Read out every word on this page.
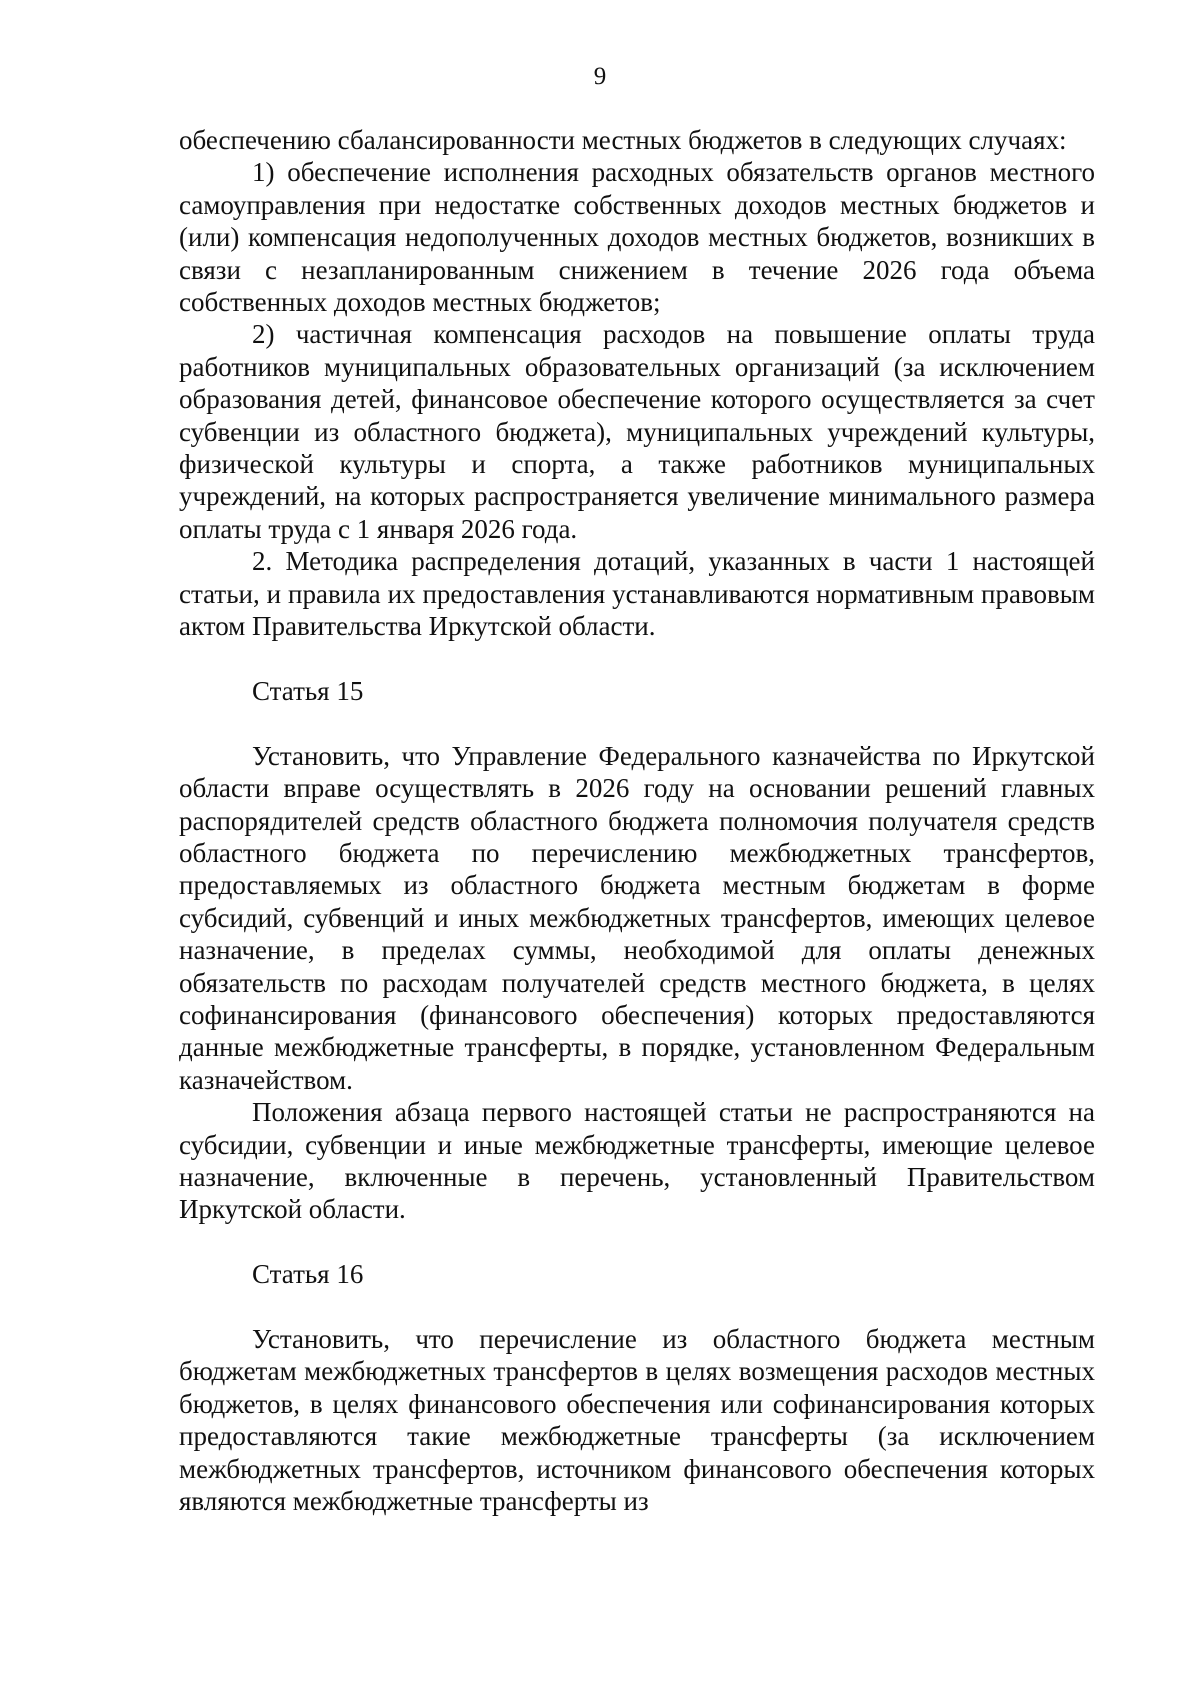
9

обеспечению сбалансированности местных бюджетов в следующих случаях:

1) обеспечение исполнения расходных обязательств органов местного самоуправления при недостатке собственных доходов местных бюджетов и (или) компенсация недополученных доходов местных бюджетов, возникших в связи с незапланированным снижением в течение 2026 года объема собственных доходов местных бюджетов;

2) частичная компенсация расходов на повышение оплаты труда работников муниципальных образовательных организаций (за исключением образования детей, финансовое обеспечение которого осуществляется за счет субвенции из областного бюджета), муниципальных учреждений культуры, физической культуры и спорта, а также работников муниципальных учреждений, на которых распространяется увеличение минимального размера оплаты труда с 1 января 2026 года.

2. Методика распределения дотаций, указанных в части 1 настоящей статьи, и правила их предоставления устанавливаются нормативным правовым актом Правительства Иркутской области.

Статья 15

Установить, что Управление Федерального казначейства по Иркутской области вправе осуществлять в 2026 году на основании решений главных распорядителей средств областного бюджета полномочия получателя средств областного бюджета по перечислению межбюджетных трансфертов, предоставляемых из областного бюджета местным бюджетам в форме субсидий, субвенций и иных межбюджетных трансфертов, имеющих целевое назначение, в пределах суммы, необходимой для оплаты денежных обязательств по расходам получателей средств местного бюджета, в целях софинансирования (финансового обеспечения) которых предоставляются данные межбюджетные трансферты, в порядке, установленном Федеральным казначейством.

Положения абзаца первого настоящей статьи не распространяются на субсидии, субвенции и иные межбюджетные трансферты, имеющие целевое назначение, включенные в перечень, установленный Правительством Иркутской области.

Статья 16

Установить, что перечисление из областного бюджета местным бюджетам межбюджетных трансфертов в целях возмещения расходов местных бюджетов, в целях финансового обеспечения или софинансирования которых предоставляются такие межбюджетные трансферты (за исключением межбюджетных трансфертов, источником финансового обеспечения которых являются межбюджетные трансферты из
